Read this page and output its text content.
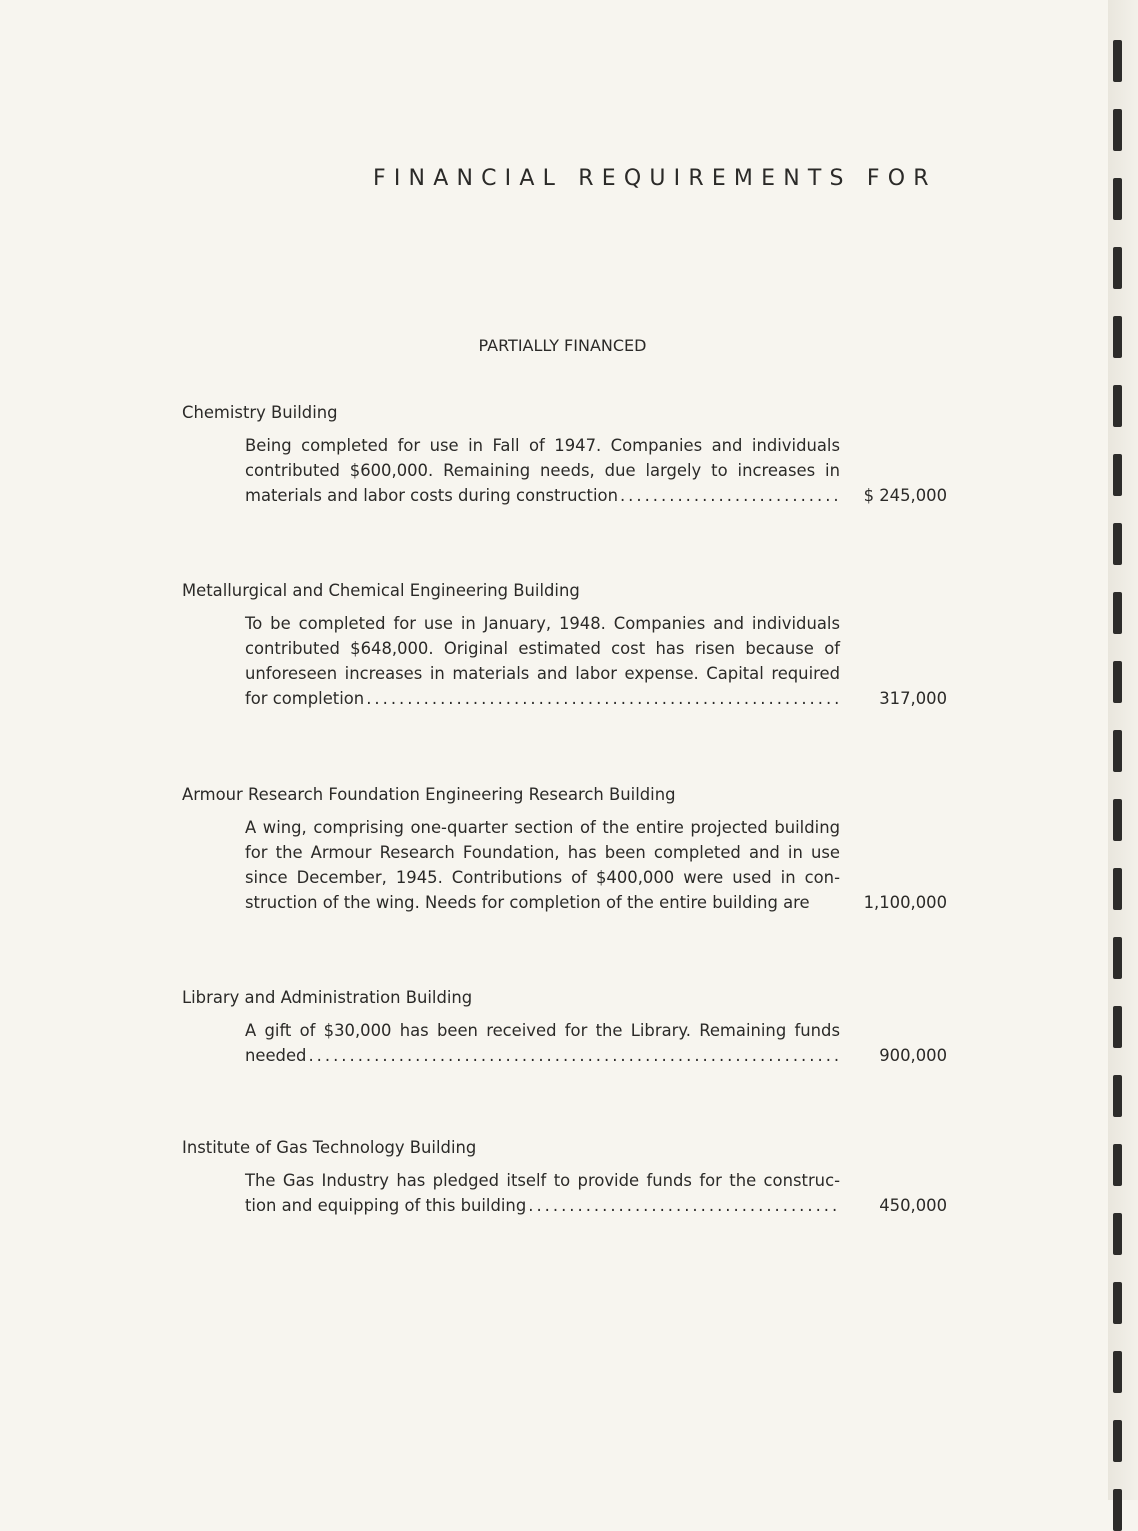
FINANCIAL REQUIREMENTS FOR
PARTIALLY FINANCED
Chemistry Building
Being completed for use in Fall of 1947. Companies and individuals contributed $600,000. Remaining needs, due largely to increases in
materials and labor costs during construction .....	$ 245,000
Metallurgical and Chemical Engineering Building
To be completed for use in January, 1948. Companies and individuals contributed $648,000. Original estimated cost has risen because of unforeseen increases in materials and labor expense. Capital required
for completion .....	317,000
Armour Research Foundation Engineering Research Building
A wing, comprising one-quarter section of the entire projected building for the Armour Research Foundation, has been completed and in use since December, 1945. Contributions of $400,000 were used in con-
struction of the wing. Needs for completion of the entire building are	1,100,000
Library and Administration Building
A gift of $30,000 has been received for the Library. Remaining funds
needed .....	900,000
Institute of Gas Technology Building
The Gas Industry has pledged itself to provide funds for the construc-
tion and equipping of this building .....	450,000
